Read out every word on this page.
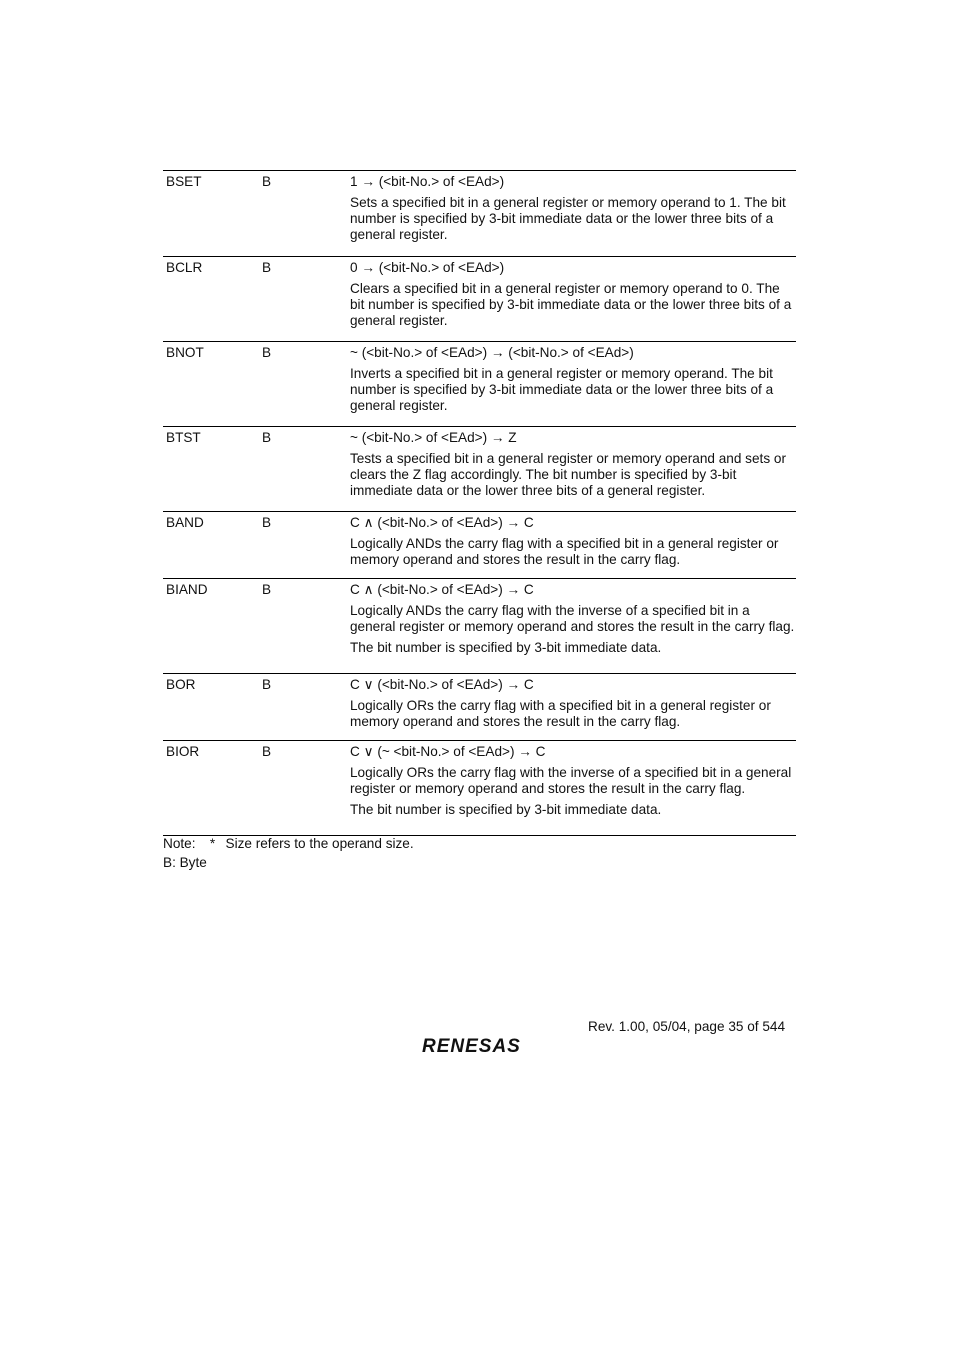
BSET	B	1 → (<bit-No.> of <EAd>)
Sets a specified bit in a general register or memory operand to 1. The bit number is specified by 3-bit immediate data or the lower three bits of a general register.
BCLR	B	0 → (<bit-No.> of <EAd>)
Clears a specified bit in a general register or memory operand to 0. The bit number is specified by 3-bit immediate data or the lower three bits of a general register.
BNOT	B	~ (<bit-No.> of <EAd>) → (<bit-No.> of <EAd>)
Inverts a specified bit in a general register or memory operand. The bit number is specified by 3-bit immediate data or the lower three bits of a general register.
BTST	B	~ (<bit-No.> of <EAd>) → Z
Tests a specified bit in a general register or memory operand and sets or clears the Z flag accordingly. The bit number is specified by 3-bit immediate data or the lower three bits of a general register.
BAND	B	C ∧ (<bit-No.> of <EAd>) → C
Logically ANDs the carry flag with a specified bit in a general register or memory operand and stores the result in the carry flag.
BIAND	B	C ∧ (<bit-No.> of <EAd>) → C
Logically ANDs the carry flag with the inverse of a specified bit in a general register or memory operand and stores the result in the carry flag.
The bit number is specified by 3-bit immediate data.
BOR	B	C ∨ (<bit-No.> of <EAd>) → C
Logically ORs the carry flag with a specified bit in a general register or memory operand and stores the result in the carry flag.
BIOR	B	C ∨ (~ <bit-No.> of <EAd>) → C
Logically ORs the carry flag with the inverse of a specified bit in a general register or memory operand and stores the result in the carry flag.
The bit number is specified by 3-bit immediate data.
Note: * Size refers to the operand size.
B: Byte
Rev. 1.00, 05/04, page 35 of 544
RENESAS
